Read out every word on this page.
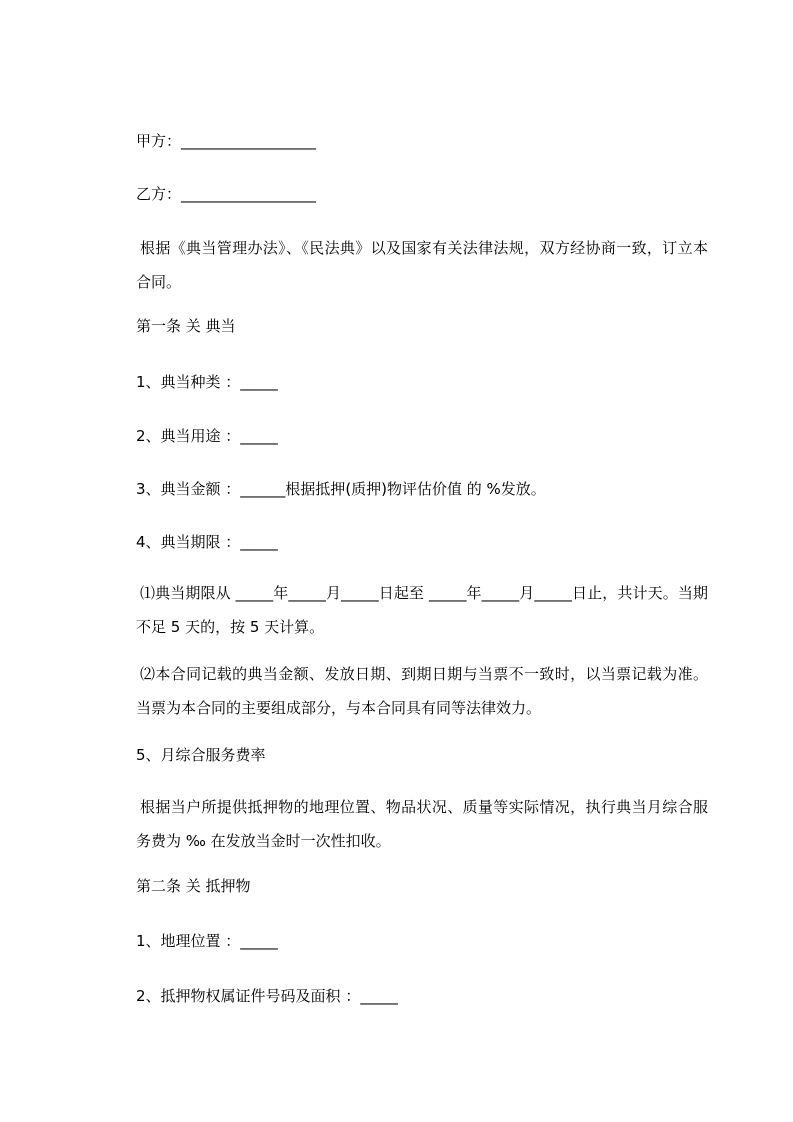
甲方：__________________
乙方：__________________
根据《典当管理办法》、《民法典》以及国家有关法律法规，双方经协商一致，订立本合同。
第一条 关 典当
1、典当种类 ：_____
2、典当用途 ：_____
3、典当金额 ：______根据抵押(质押)物评估价值 的 %发放。
4、典当期限 ：_____
⑴典当期限从 _____年_____月_____日起至 _____年_____月_____日止，共计天。当期不足 5 天的，按 5 天计算。
⑵本合同记载的典当金额、发放日期、到期日期与当票不一致时，以当票记载为准。当票为本合同的主要组成部分，与本合同具有同等法律效力。
5、月综合服务费率
根据当户所提供抵押物的地理位置、物品状况、质量等实际情况，执行典当月综合服务费为 ‰ 在发放当金时一次性扣收。
第二条 关 抵押物
1、地理位置 ：_____
2、抵押物权属证件号码及面积 ：_____
